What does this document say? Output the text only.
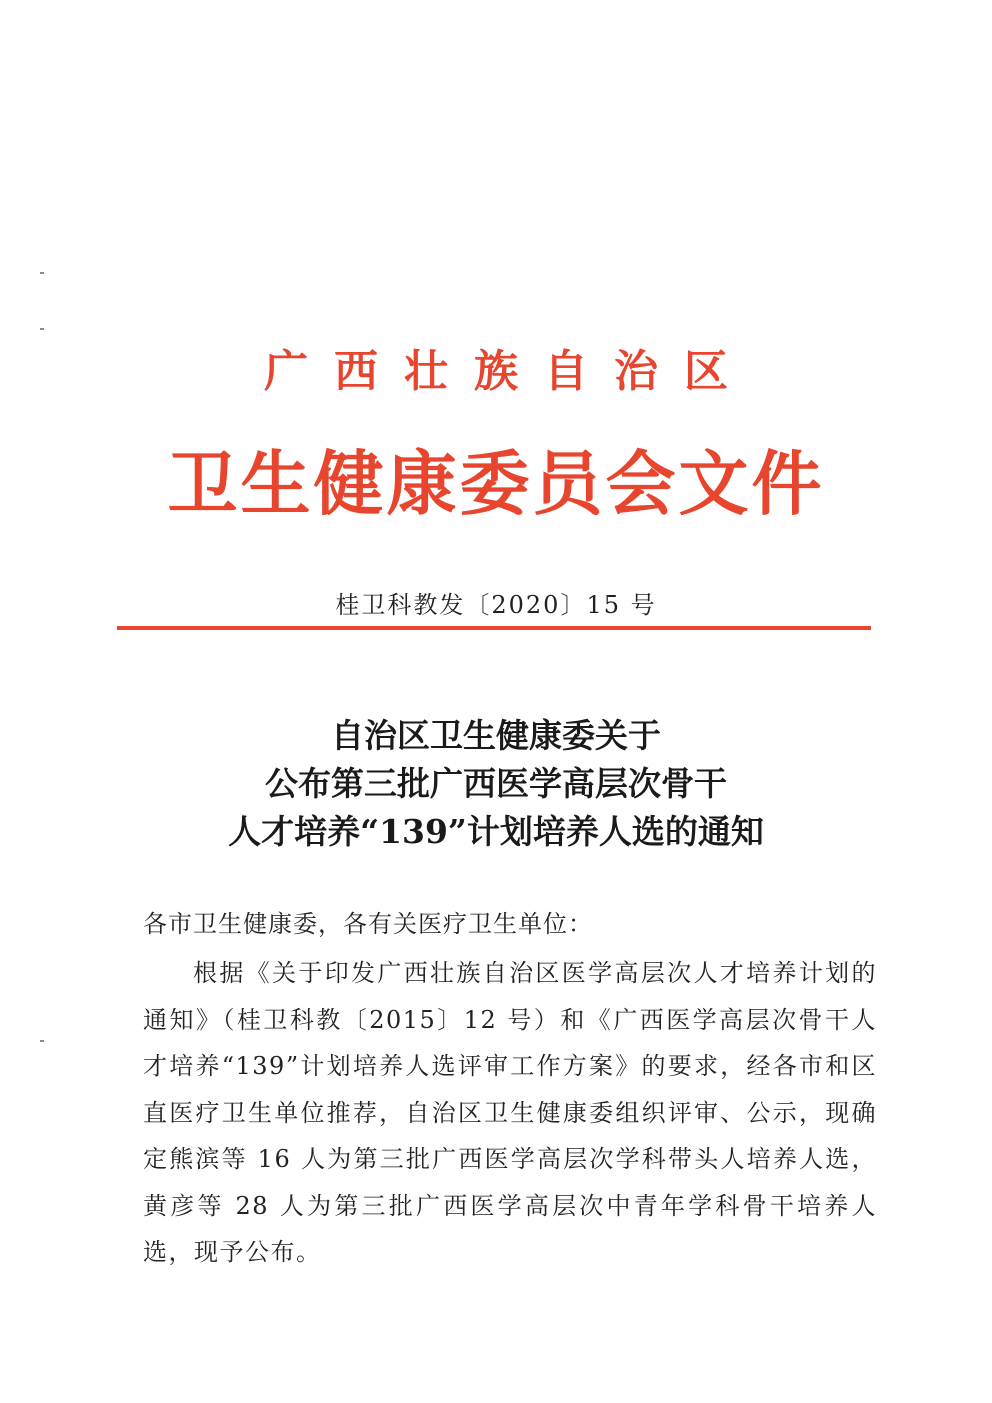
广西壮族自治区
卫生健康委员会文件
桂卫科教发〔2020〕15 号
自治区卫生健康委关于
公布第三批广西医学高层次骨干
人才培养“139”计划培养人选的通知
各市卫生健康委，各有关医疗卫生单位：
根据《关于印发广西壮族自治区医学高层次人才培养计划的通知》（桂卫科教〔2015〕12 号）和《广西医学高层次骨干人才培养“139”计划培养人选评审工作方案》的要求，经各市和区直医疗卫生单位推荐，自治区卫生健康委组织评审、公示，现确定熊滨等 16 人为第三批广西医学高层次学科带头人培养人选，黄彦等 28 人为第三批广西医学高层次中青年学科骨干培养人选，现予公布。
